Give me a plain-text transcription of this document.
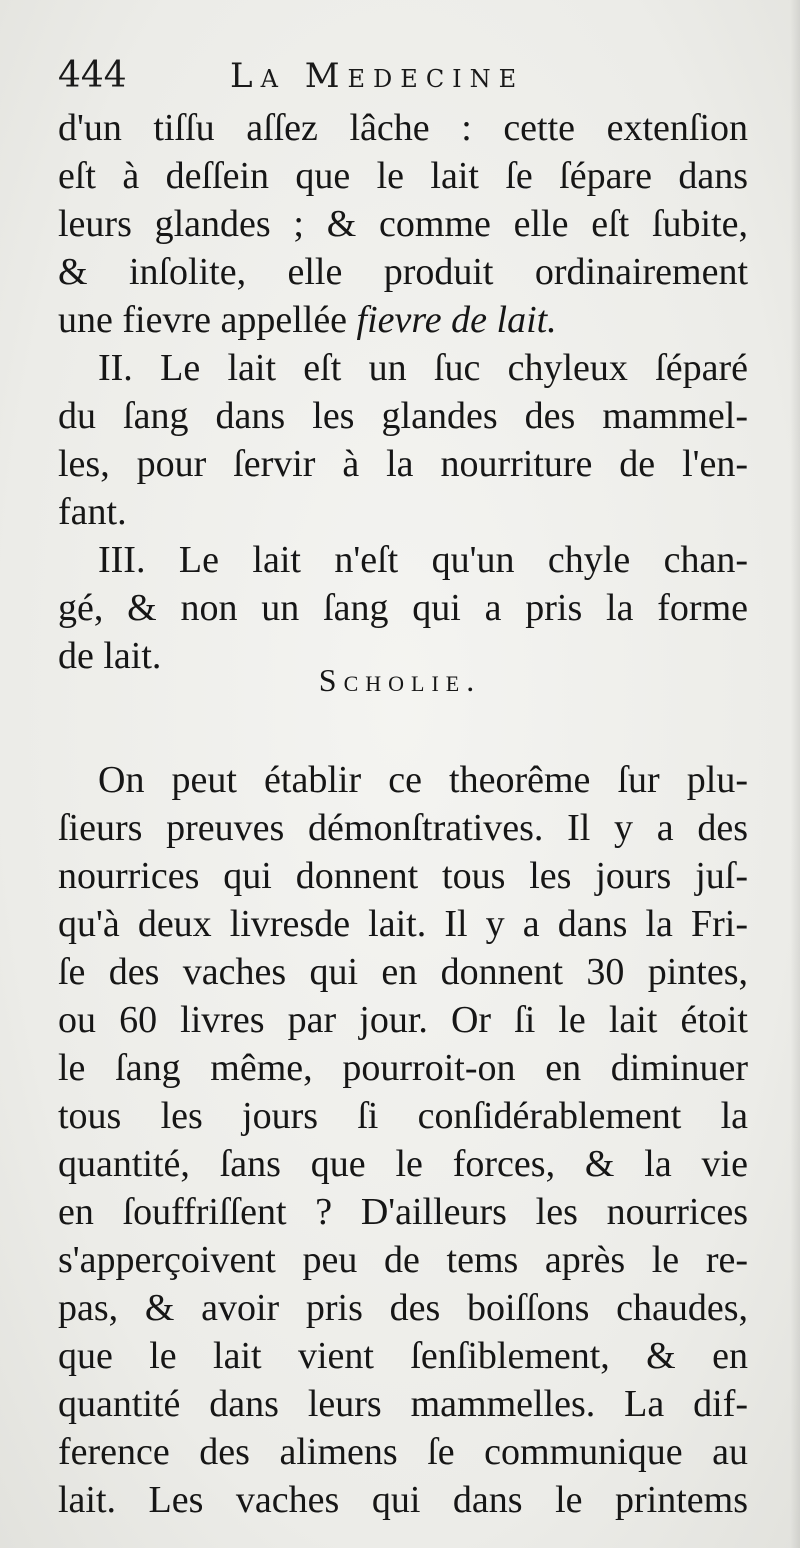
444	La Medecine
d'un tiſſu aſſez lâche : cette extenſion
eſt à deſſein que le lait ſe ſépare dans
leurs glandes ; & comme elle eſt ſubite,
& inſolite, elle produit ordinairement
une fievre appellée fievre de lait.
II. Le lait eſt un ſuc chyleux ſéparé
du ſang dans les glandes des mammel-
les, pour ſervir à la nourriture de l'en-
fant.
III. Le lait n'eſt qu'un chyle chan-
gé, & non un ſang qui a pris la forme
de lait.
Scholie.
On peut établir ce theorême ſur plu-
ſieurs preuves démonſtratives. Il y a des
nourrices qui donnent tous les jours juſ-
qu'à deux livresde lait. Il y a dans la Fri-
ſe des vaches qui en donnent 30 pintes,
ou 60 livres par jour. Or ſi le lait étoit
le ſang même, pourroit-on en diminuer
tous les jours ſi conſidérablement la
quantité, ſans que le forces, & la vie
en ſouffriſſent ? D'ailleurs les nourrices
s'apperçoivent peu de tems après le re-
pas, & avoir pris des boiſſons chaudes,
que le lait vient ſenſiblement, & en
quantité dans leurs mammelles. La dif-
ference des alimens ſe communique au
lait. Les vaches qui dans le printems
